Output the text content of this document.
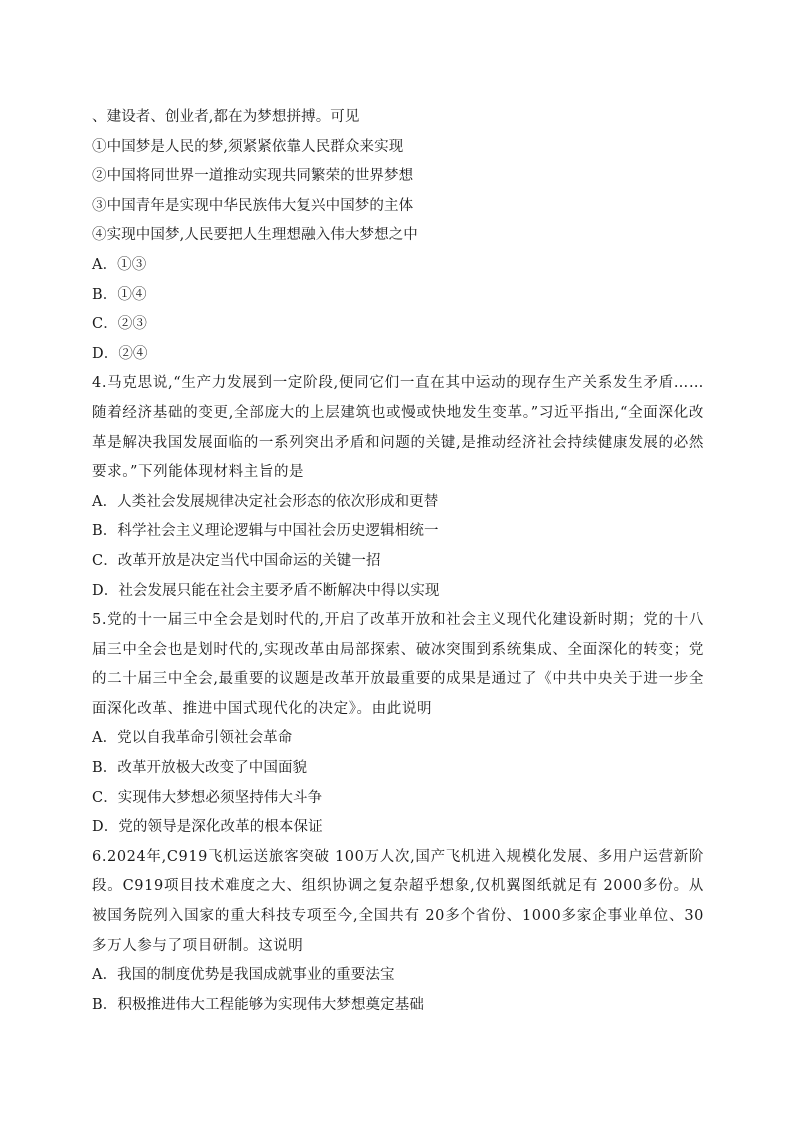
、建设者、创业者,都在为梦想拼搏。可见
①中国梦是人民的梦,须紧紧依靠人民群众来实现
②中国将同世界一道推动实现共同繁荣的世界梦想
③中国青年是实现中华民族伟大复兴中国梦的主体
④实现中国梦,人民要把人生理想融入伟大梦想之中
A．①③
B．①④
C．②③
D．②④
4.马克思说,“生产力发展到一定阶段,便同它们一直在其中运动的现存生产关系发生矛盾……随着经济基础的变更,全部庞大的上层建筑也或慢或快地发生变革。”习近平指出,“全面深化改革是解决我国发展面临的一系列突出矛盾和问题的关键,是推动经济社会持续健康发展的必然要求。”下列能体现材料主旨的是
A．人类社会发展规律决定社会形态的依次形成和更替
B．科学社会主义理论逻辑与中国社会历史逻辑相统一
C．改革开放是决定当代中国命运的关键一招
D．社会发展只能在社会主要矛盾不断解决中得以实现
5.党的十一届三中全会是划时代的,开启了改革开放和社会主义现代化建设新时期；党的十八届三中全会也是划时代的,实现改革由局部探索、破冰突围到系统集成、全面深化的转变；党的二十届三中全会,最重要的议题是改革开放最重要的成果是通过了《中共中央关于进一步全面深化改革、推进中国式现代化的决定》。由此说明
A．党以自我革命引领社会革命
B．改革开放极大改变了中国面貌
C．实现伟大梦想必须坚持伟大斗争
D．党的领导是深化改革的根本保证
6.2024年,C919飞机运送旅客突破 100万人次,国产飞机进入规模化发展、多用户运营新阶段。C919项目技术难度之大、组织协调之复杂超乎想象,仅机翼图纸就足有 2000多份。从被国务院列入国家的重大科技专项至今,全国共有 20多个省份、1000多家企事业单位、30多万人参与了项目研制。这说明
A．我国的制度优势是我国成就事业的重要法宝
B．积极推进伟大工程能够为实现伟大梦想奠定基础
